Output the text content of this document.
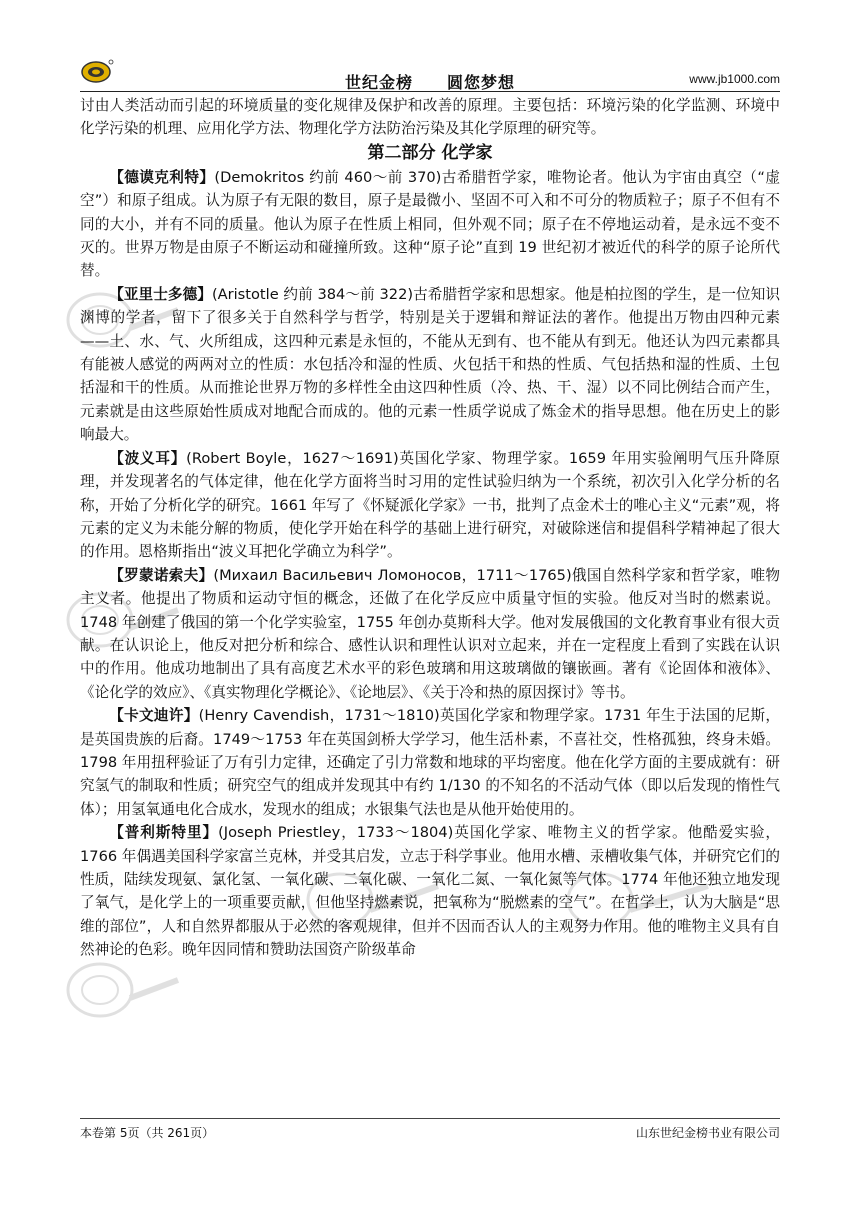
世纪金榜　　圆您梦想	www.jb1000.com

讨由人类活动而引起的环境质量的变化规律及保护和改善的原理。主要包括：环境污染的化学监测、环境中化学污染的机理、应用化学方法、物理化学方法防治污染及其化学原理的研究等。

第二部分 化学家

【德谟克利特】(Demokritos 约前 460～前 370)古希腊哲学家，唯物论者。他认为宇宙由真空（“虚空”）和原子组成。认为原子有无限的数目，原子是最微小、坚固不可入和不可分的物质粒子；原子不但有不同的大小，并有不同的质量。他认为原子在性质上相同，但外观不同；原子在不停地运动着，是永远不变不灭的。世界万物是由原子不断运动和碰撞所致。这种“原子论”直到 19 世纪初才被近代的科学的原子论所代替。

【亚里士多德】(Aristotle 约前 384～前 322)古希腊哲学家和思想家。他是柏拉图的学生，是一位知识渊博的学者，留下了很多关于自然科学与哲学，特别是关于逻辑和辩证法的著作。他提出万物由四种元素——土、水、气、火所组成，这四种元素是永恒的，不能从无到有、也不能从有到无。他还认为四元素都具有能被人感觉的两两对立的性质：水包括冷和湿的性质、火包括干和热的性质、气包括热和湿的性质、土包括湿和干的性质。从而推论世界万物的多样性全由这四种性质（冷、热、干、湿）以不同比例结合而产生，元素就是由这些原始性质成对地配合而成的。他的元素一性质学说成了炼金术的指导思想。他在历史上的影响最大。

【波义耳】(Robert Boyle，1627～1691)英国化学家、物理学家。1659 年用实验阐明气压升降原理，并发现著名的气体定律，他在化学方面将当时习用的定性试验归纳为一个系统，初次引入化学分析的名称，开始了分析化学的研究。1661 年写了《怀疑派化学家》一书，批判了点金术士的唯心主义“元素”观，将元素的定义为未能分解的物质，使化学开始在科学的基础上进行研究，对破除迷信和提倡科学精神起了很大的作用。恩格斯指出“波义耳把化学确立为科学”。

【罗蒙诺索夫】(Михаил Васильевич Ломоносов，1711～1765)俄国自然科学家和哲学家，唯物主义者。他提出了物质和运动守恒的概念，还做了在化学反应中质量守恒的实验。他反对当时的燃素说。1748 年创建了俄国的第一个化学实验室，1755 年创办莫斯科大学。他对发展俄国的文化教育事业有很大贡献。在认识论上，他反对把分析和综合、感性认识和理性认识对立起来，并在一定程度上看到了实践在认识中的作用。他成功地制出了具有高度艺术水平的彩色玻璃和用这玻璃做的镶嵌画。著有《论固体和液体》、《论化学的效应》、《真实物理化学概论》、《论地层》、《关于冷和热的原因探讨》等书。

【卡文迪许】(Henry Cavendish，1731～1810)英国化学家和物理学家。1731 年生于法国的尼斯，是英国贵族的后裔。1749～1753 年在英国剑桥大学学习，他生活朴素，不喜社交，性格孤独，终身未婚。1798 年用扭秤验证了万有引力定律，还确定了引力常数和地球的平均密度。他在化学方面的主要成就有：研究氢气的制取和性质；研究空气的组成并发现其中有约 1/130 的不知名的不活动气体（即以后发现的惰性气体）；用氢氧通电化合成水，发现水的组成；水银集气法也是从他开始使用的。

【普利斯特里】(Joseph Priestley，1733～1804)英国化学家、唯物主义的哲学家。他酷爱实验，1766 年偶遇美国科学家富兰克林，并受其启发，立志于科学事业。他用水槽、汞槽收集气体，并研究它们的性质，陆续发现氨、氯化氢、一氧化碳、二氧化碳、一氧化二氮、一氧化氮等气体。1774 年他还独立地发现了氧气，是化学上的一项重要贡献，但他坚持燃素说，把氧称为“脱燃素的空气”。在哲学上，认为大脑是“思维的部位”，人和自然界都服从于必然的客观规律，但并不因而否认人的主观努力作用。他的唯物主义具有自然神论的色彩。晚年因同情和赞助法国资产阶级革命

本卷第 5页（共 261页）	山东世纪金榜书业有限公司
